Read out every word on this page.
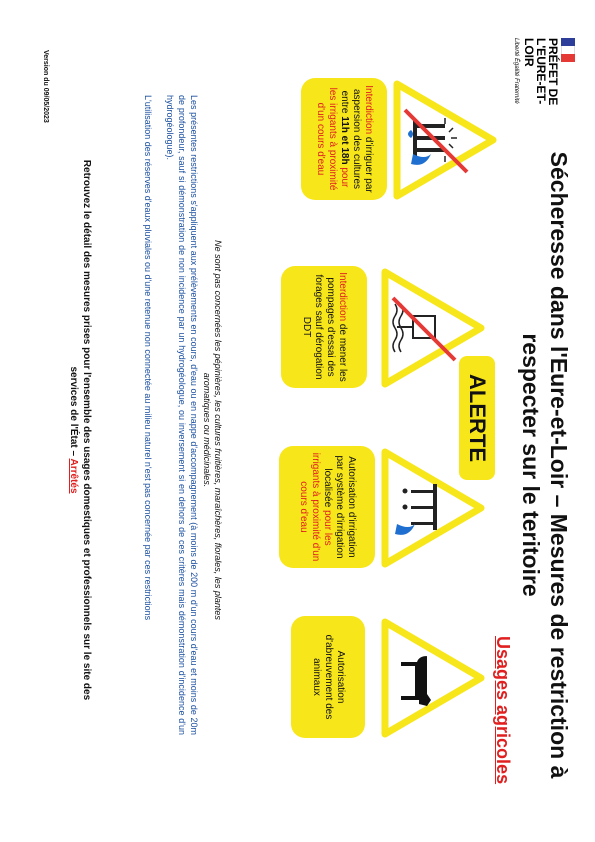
PRÉFET DE L'EURE-ET-LOIR
Liberté Égalité Fraternité
Sécheresse dans l'Eure-et-Loir – Mesures de restriction à respecter sur le teritoire
Usages agricoles
ALERTE
Interdiction d'irriguer par aspersion des cultures entre 11h et 18h pour les irrigants à proximité d'un cours d'eau
Interdiction de mener les pompages d'essai des forages sauf dérogation DDT
Autorisation d'irrigation par système d'irrigation localisée pour les irrigants à proximité d'un cours d'eau
Autorisation d'abreuvement des animaux
Ne sont pas concernées les pépinières, les cultures fruitières, maraîchères, florales, les plantes aromatiques ou médicinales.

Les présentes restrictions s'appliquent aux prélèvements en cours, d'eau ou en nappe d'accompagnement (à moins de 200 m d'un cours d'eau et moins de 20m de profondeur, sauf si démonstration de non incidence par un hydrogéologue, ou inversement si en dehors de ces critères mais démonstration d'incidence d'un hydrogéologue).

L'utilisation des réserves d'eaux pluviales ou d'une retenue non connectée au milieu naturel n'est pas concernée par ces restrictions

Retrouvez le détail des mesures prises pour l'ensemble des usages domestiques et professionnels sur le site des services de l'État – Arrêtés
Version du 09/05/2023
